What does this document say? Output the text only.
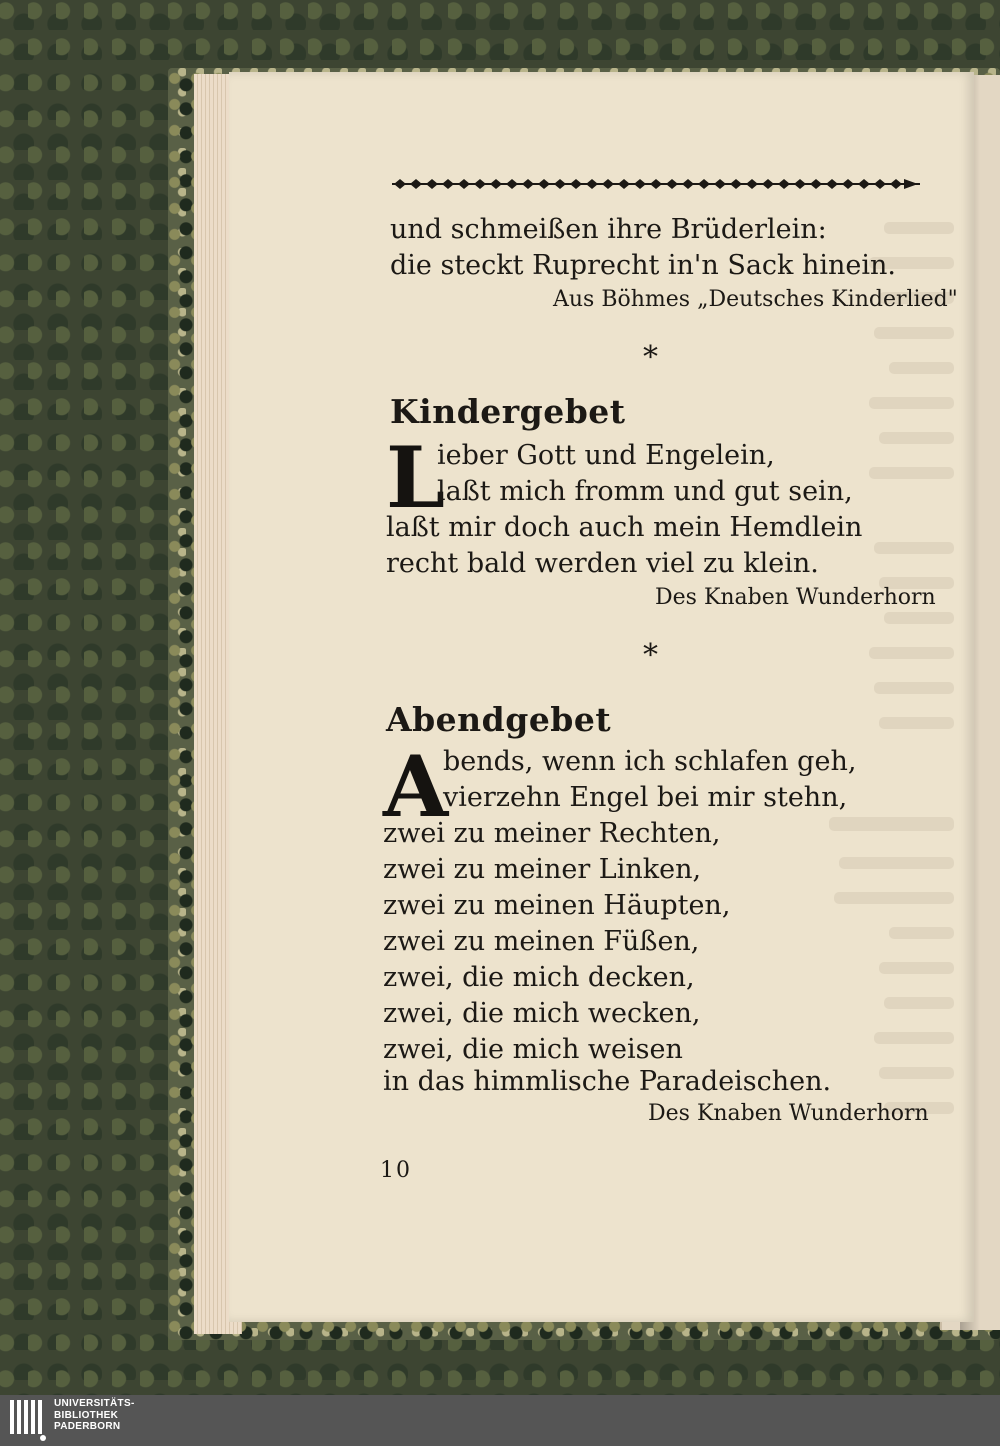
und schmeißen ihre Brüderlein:
die steckt Ruprecht in'n Sack hinein.
Aus Böhmes „Deutsches Kinderlied"
*
Kindergebet
L
ieber Gott und Engelein,
laßt mich fromm und gut sein,
laßt mir doch auch mein Hemdlein
recht bald werden viel zu klein.
Des Knaben Wunderhorn
*
Abendgebet
A
bends, wenn ich schlafen geh,
vierzehn Engel bei mir stehn,
zwei zu meiner Rechten,
zwei zu meiner Linken,
zwei zu meinen Häupten,
zwei zu meinen Füßen,
zwei, die mich decken,
zwei, die mich wecken,
zwei, die mich weisen
in das himmlische Paradeischen.
Des Knaben Wunderhorn
10
UNIVERSITÄTS-
BIBLIOTHEK
PADERBORN
